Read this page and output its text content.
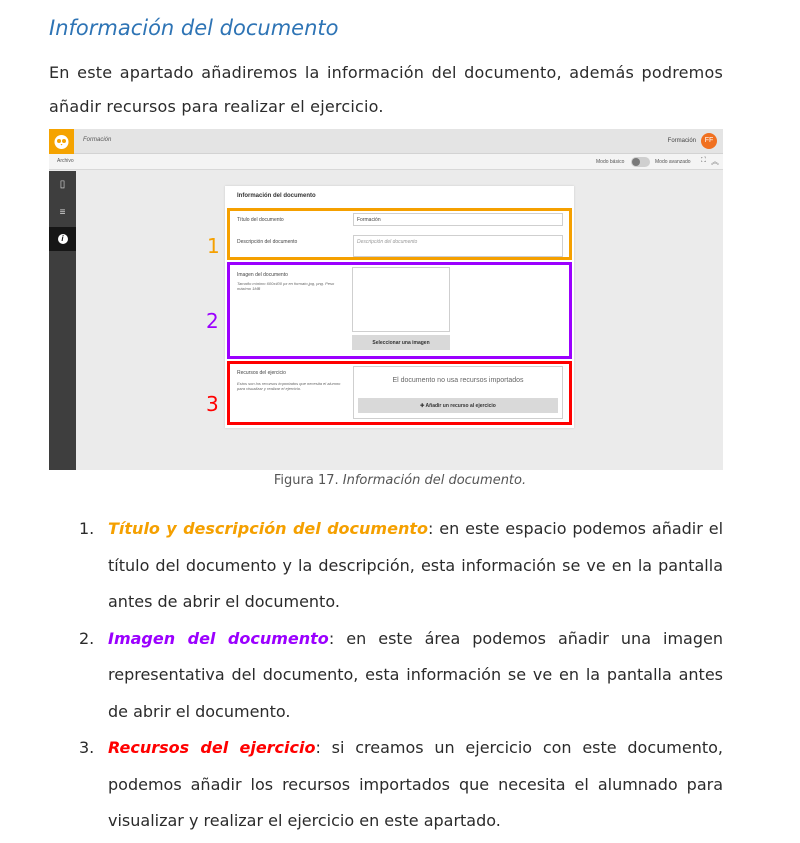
Información del documento

En este apartado añadiremos la información del documento, además podremos añadir recursos para realizar el ejercicio.

Formación	Formación	FF
Archivo	Modo básico	Modo avanzado ⛶ ︽
▯
≡
i
Información del documento
Título del documento	Formación
Descripción del documento	Descripción del documento
Imagen del documento
Tamaño mínimo 600x400 px en formato jpg, png. Peso máximo 1MB
Seleccionar una imagen
Recursos del ejercicio
Estos son los recursos importados que necesita el alumno para visualizar y realizar el ejercicio.
El documento no usa recursos importados
✚ Añadir un recurso al ejercicio
1
2
3

Figura 17. Información del documento.

1. Título y descripción del documento: en este espacio podemos añadir el título del documento y la descripción, esta información se ve en la pantalla antes de abrir el documento.

2. Imagen del documento: en este área podemos añadir una imagen representativa del documento, esta información se ve en la pantalla antes de abrir el documento.

3. Recursos del ejercicio: si creamos un ejercicio con este documento, podemos añadir los recursos importados que necesita el alumnado para visualizar y realizar el ejercicio en este apartado.
